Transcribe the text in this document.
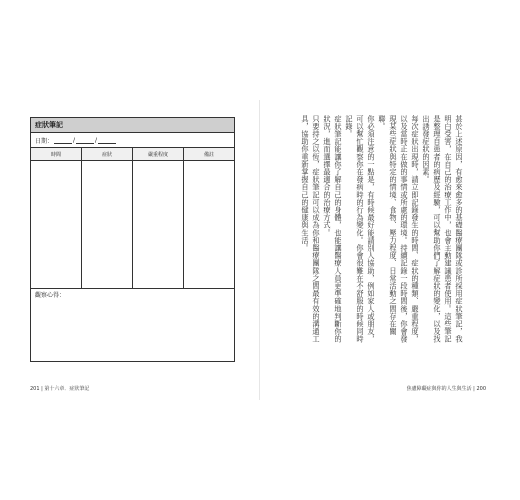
症狀筆記
日期：	/	/
時間	症狀	嚴重程度	備註
觀察心得：
201 | 第十六章．症狀筆記

甚於上述原因，有愈來愈多的基礎醫療團隊或診所採用症狀筆記，我明白受害，在自己的治療工作中，也會主動建議患者使用。這些筆記是整理自患者的病歷及經驗，可以幫助你們了解症狀的變化，以及找出誘發症狀的因素。

每次症狀出現時，請立即記錄發生的時間、症狀的種類、嚴重程度，以及當時正在做的事情或所處的環境。持續記錄一段時間後，你會發現某些症狀與特定的情境、食物、壓力程度、日常活動之間存在關聯。

你必須注意的一點是，有時候最好能請別人協助，例如家人或朋友，可以幫忙觀察你在發病時的行為變化。你會很難在不舒服的時候同時記錄。

症狀筆記能讓你了解自己的身體，也能讓醫療人員更準確地判斷你的狀況，進而選擇最適合的治療方式。

只要持之以恆，症狀筆記可以成為你和醫療團隊之間最有效的溝通工具，協助你重新掌握自己的健康與生活。

焦慮障礙症與你的人生與生活 | 200
